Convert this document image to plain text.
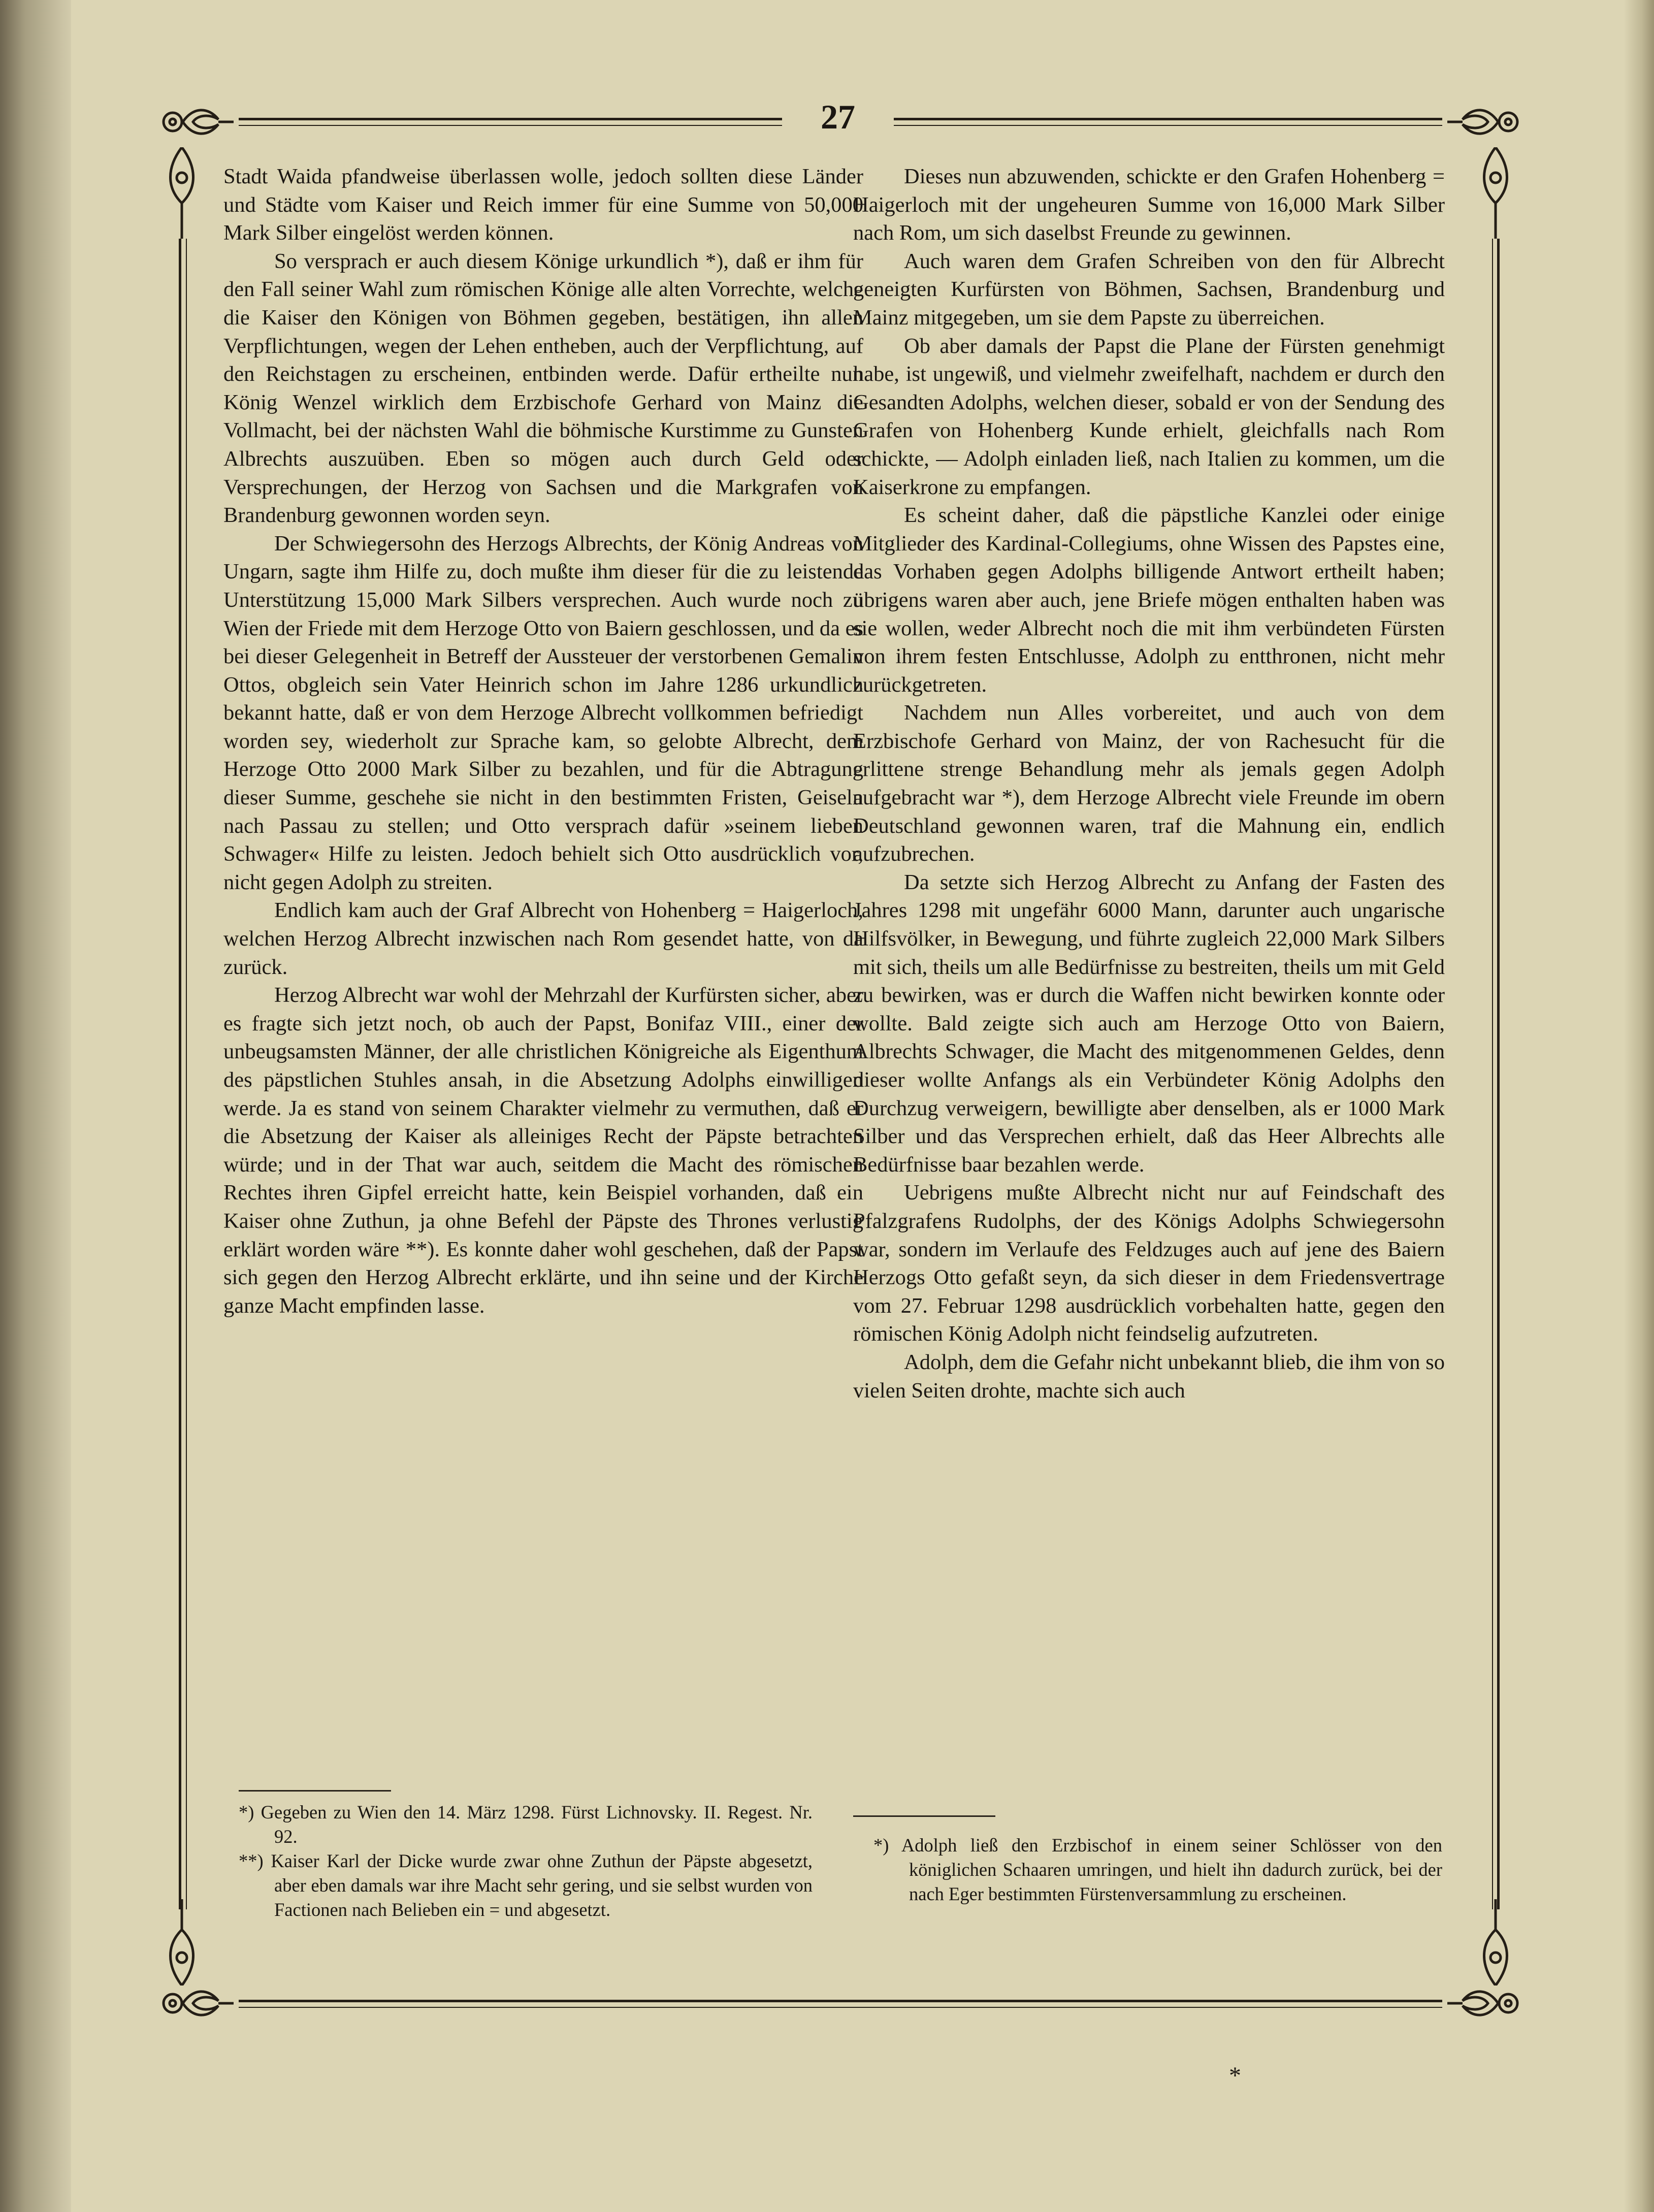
27

Stadt Waida pfandweise überlassen wolle, jedoch sollten diese Länder und Städte vom Kaiser und Reich immer für eine Summe von 50,000 Mark Silber eingelöst werden können.

So versprach er auch diesem Könige urkundlich *), daß er ihm für den Fall seiner Wahl zum römischen Könige alle alten Vorrechte, welche die Kaiser den Königen von Böhmen gegeben, bestätigen, ihn allen Verpflichtungen, wegen der Lehen entheben, auch der Verpflichtung, auf den Reichstagen zu erscheinen, entbinden werde. Dafür ertheilte nun König Wenzel wirklich dem Erzbischofe Gerhard von Mainz die Vollmacht, bei der nächsten Wahl die böhmische Kurstimme zu Gunsten Albrechts auszuüben. Eben so mögen auch durch Geld oder Versprechungen, der Herzog von Sachsen und die Markgrafen von Brandenburg gewonnen worden seyn.

Der Schwiegersohn des Herzogs Albrechts, der König Andreas von Ungarn, sagte ihm Hilfe zu, doch mußte ihm dieser für die zu leistende Unterstützung 15,000 Mark Silbers versprechen. Auch wurde noch zu Wien der Friede mit dem Herzoge Otto von Baiern geschlossen, und da es bei dieser Gelegenheit in Betreff der Aussteuer der verstorbenen Gemalin Ottos, obgleich sein Vater Heinrich schon im Jahre 1286 urkundlich bekannt hatte, daß er von dem Herzoge Albrecht vollkommen befriedigt worden sey, wiederholt zur Sprache kam, so gelobte Albrecht, dem Herzoge Otto 2000 Mark Silber zu bezahlen, und für die Abtragung dieser Summe, geschehe sie nicht in den bestimmten Fristen, Geiseln nach Passau zu stellen; und Otto versprach dafür »seinem lieben Schwager« Hilfe zu leisten. Jedoch behielt sich Otto ausdrücklich vor, nicht gegen Adolph zu streiten.

Endlich kam auch der Graf Albrecht von Hohenberg = Haigerloch, welchen Herzog Albrecht inzwischen nach Rom gesendet hatte, von da zurück.

Herzog Albrecht war wohl der Mehrzahl der Kurfürsten sicher, aber es fragte sich jetzt noch, ob auch der Papst, Bonifaz VIII., einer der unbeugsamsten Männer, der alle christlichen Königreiche als Eigenthum des päpstlichen Stuhles ansah, in die Absetzung Adolphs einwilligen werde. Ja es stand von seinem Charakter vielmehr zu vermuthen, daß er die Absetzung der Kaiser als alleiniges Recht der Päpste betrachten würde; und in der That war auch, seitdem die Macht des römischen Rechtes ihren Gipfel erreicht hatte, kein Beispiel vorhanden, daß ein Kaiser ohne Zuthun, ja ohne Befehl der Päpste des Thrones verlustig erklärt worden wäre **). Es konnte daher wohl geschehen, daß der Papst sich gegen den Herzog Albrecht erklärte, und ihn seine und der Kirche ganze Macht empfinden lasse.

Dieses nun abzuwenden, schickte er den Grafen Hohenberg = Haigerloch mit der ungeheuren Summe von 16,000 Mark Silber nach Rom, um sich daselbst Freunde zu gewinnen.

Auch waren dem Grafen Schreiben von den für Albrecht geneigten Kurfürsten von Böhmen, Sachsen, Brandenburg und Mainz mitgegeben, um sie dem Papste zu überreichen.

Ob aber damals der Papst die Plane der Fürsten genehmigt habe, ist ungewiß, und vielmehr zweifelhaft, nachdem er durch den Gesandten Adolphs, welchen dieser, sobald er von der Sendung des Grafen von Hohenberg Kunde erhielt, gleichfalls nach Rom schickte, — Adolph einladen ließ, nach Italien zu kommen, um die Kaiserkrone zu empfangen.

Es scheint daher, daß die päpstliche Kanzlei oder einige Mitglieder des Kardinal-Collegiums, ohne Wissen des Papstes eine, das Vorhaben gegen Adolphs billigende Antwort ertheilt haben; übrigens waren aber auch, jene Briefe mögen enthalten haben was sie wollen, weder Albrecht noch die mit ihm verbündeten Fürsten von ihrem festen Entschlusse, Adolph zu entthronen, nicht mehr zurückgetreten.

Nachdem nun Alles vorbereitet, und auch von dem Erzbischofe Gerhard von Mainz, der von Rachesucht für die erlittene strenge Behandlung mehr als jemals gegen Adolph aufgebracht war *), dem Herzoge Albrecht viele Freunde im obern Deutschland gewonnen waren, traf die Mahnung ein, endlich aufzubrechen.

Da setzte sich Herzog Albrecht zu Anfang der Fasten des Jahres 1298 mit ungefähr 6000 Mann, darunter auch ungarische Hilfsvölker, in Bewegung, und führte zugleich 22,000 Mark Silbers mit sich, theils um alle Bedürfnisse zu bestreiten, theils um mit Geld zu bewirken, was er durch die Waffen nicht bewirken konnte oder wollte. Bald zeigte sich auch am Herzoge Otto von Baiern, Albrechts Schwager, die Macht des mitgenommenen Geldes, denn dieser wollte Anfangs als ein Verbündeter König Adolphs den Durchzug verweigern, bewilligte aber denselben, als er 1000 Mark Silber und das Versprechen erhielt, daß das Heer Albrechts alle Bedürfnisse baar bezahlen werde.

Uebrigens mußte Albrecht nicht nur auf Feindschaft des Pfalzgrafens Rudolphs, der des Königs Adolphs Schwiegersohn war, sondern im Verlaufe des Feldzuges auch auf jene des Baiern Herzogs Otto gefaßt seyn, da sich dieser in dem Friedensvertrage vom 27. Februar 1298 ausdrücklich vorbehalten hatte, gegen den römischen König Adolph nicht feindselig aufzutreten.

Adolph, dem die Gefahr nicht unbekannt blieb, die ihm von so vielen Seiten drohte, machte sich auch

*) Gegeben zu Wien den 14. März 1298. Fürst Lichnovsky. II. Regest. Nr. 92.

**) Kaiser Karl der Dicke wurde zwar ohne Zuthun der Päpste abgesetzt, aber eben damals war ihre Macht sehr gering, und sie selbst wurden von Factionen nach Belieben ein = und abgesetzt.

*) Adolph ließ den Erzbischof in einem seiner Schlösser von den königlichen Schaaren umringen, und hielt ihn dadurch zurück, bei der nach Eger bestimmten Fürstenversammlung zu erscheinen.

*
